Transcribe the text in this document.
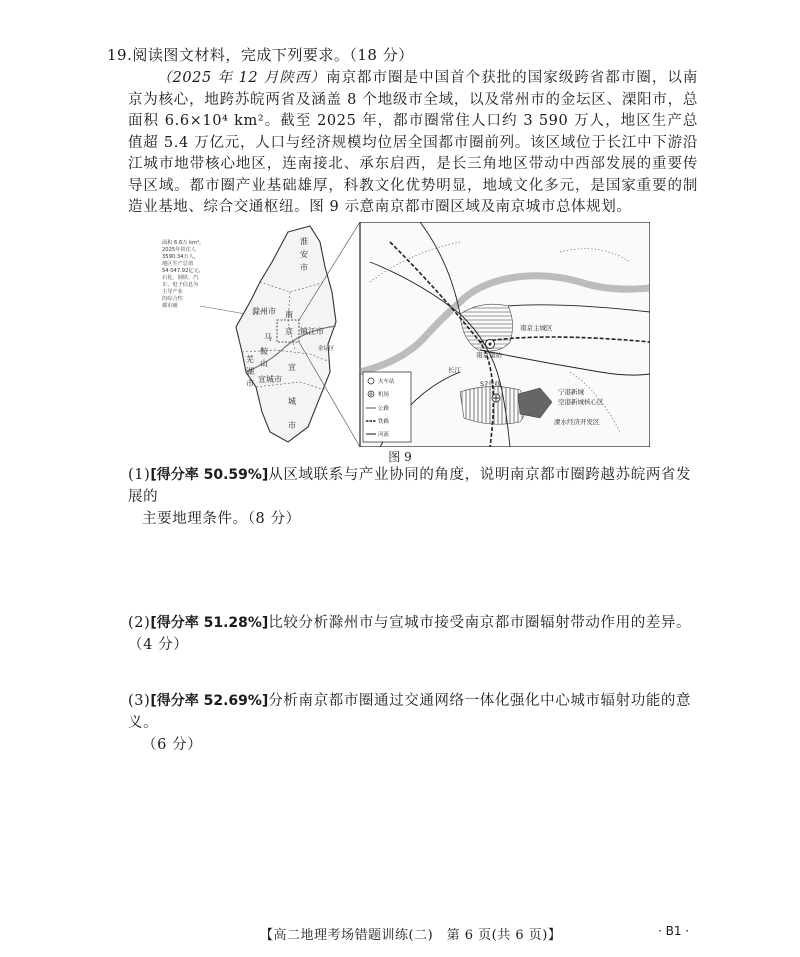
19.阅读图文材料，完成下列要求。（18 分）
（2025 年 12 月陕西）南京都市圈是中国首个获批的国家级跨省都市圈，以南京为核心，地跨苏皖两省及涵盖 8 个地级市全域，以及常州市的金坛区、溧阳市，总面积 6.6×10⁴ km²。截至 2025 年，都市圈常住人口约 3 590 万人，地区生产总值超 5.4 万亿元，人口与经济规模均位居全国都市圈前列。该区域位于长江中下游沿江城市地带核心地区，连南接北、承东启西，是长三角地区带动中西部发展的重要传导区域。都市圈产业基础雄厚，科教文化优势明显，地域文化多元，是国家重要的制造业基地、综合交通枢纽。图 9 示意南京都市圈区域及南京城市总体规划。
面积 6.6万 km²,
2025年常住人
3590.34万人,
地区生产总值
54 047.92亿元,
石化、钢铁、汽
车、电子信息为
主导产业
的综合性
都市圈
淮
安
市
滁州市 南
京
马
镇江市
鞍
山
金坛区
芜
湖
市 宣城市
宣
城
市
南京主城区
南京南站
S7号线
宁港新城
空港新城核心区
溧水经济开发区
长江
火车站
机场
公路
铁路
河流
图 9
(1)[得分率 50.59%]从区域联系与产业协同的角度，说明南京都市圈跨越苏皖两省发展的
主要地理条件。（8 分）
(2)[得分率 51.28%]比较分析滁州市与宣城市接受南京都市圈辐射带动作用的差异。（4 分）
(3)[得分率 52.69%]分析南京都市圈通过交通网络一体化强化中心城市辐射功能的意义。
（6 分）
【高二地理考场错题训练(二)　第 6 页(共 6 页)】	· B1 ·
